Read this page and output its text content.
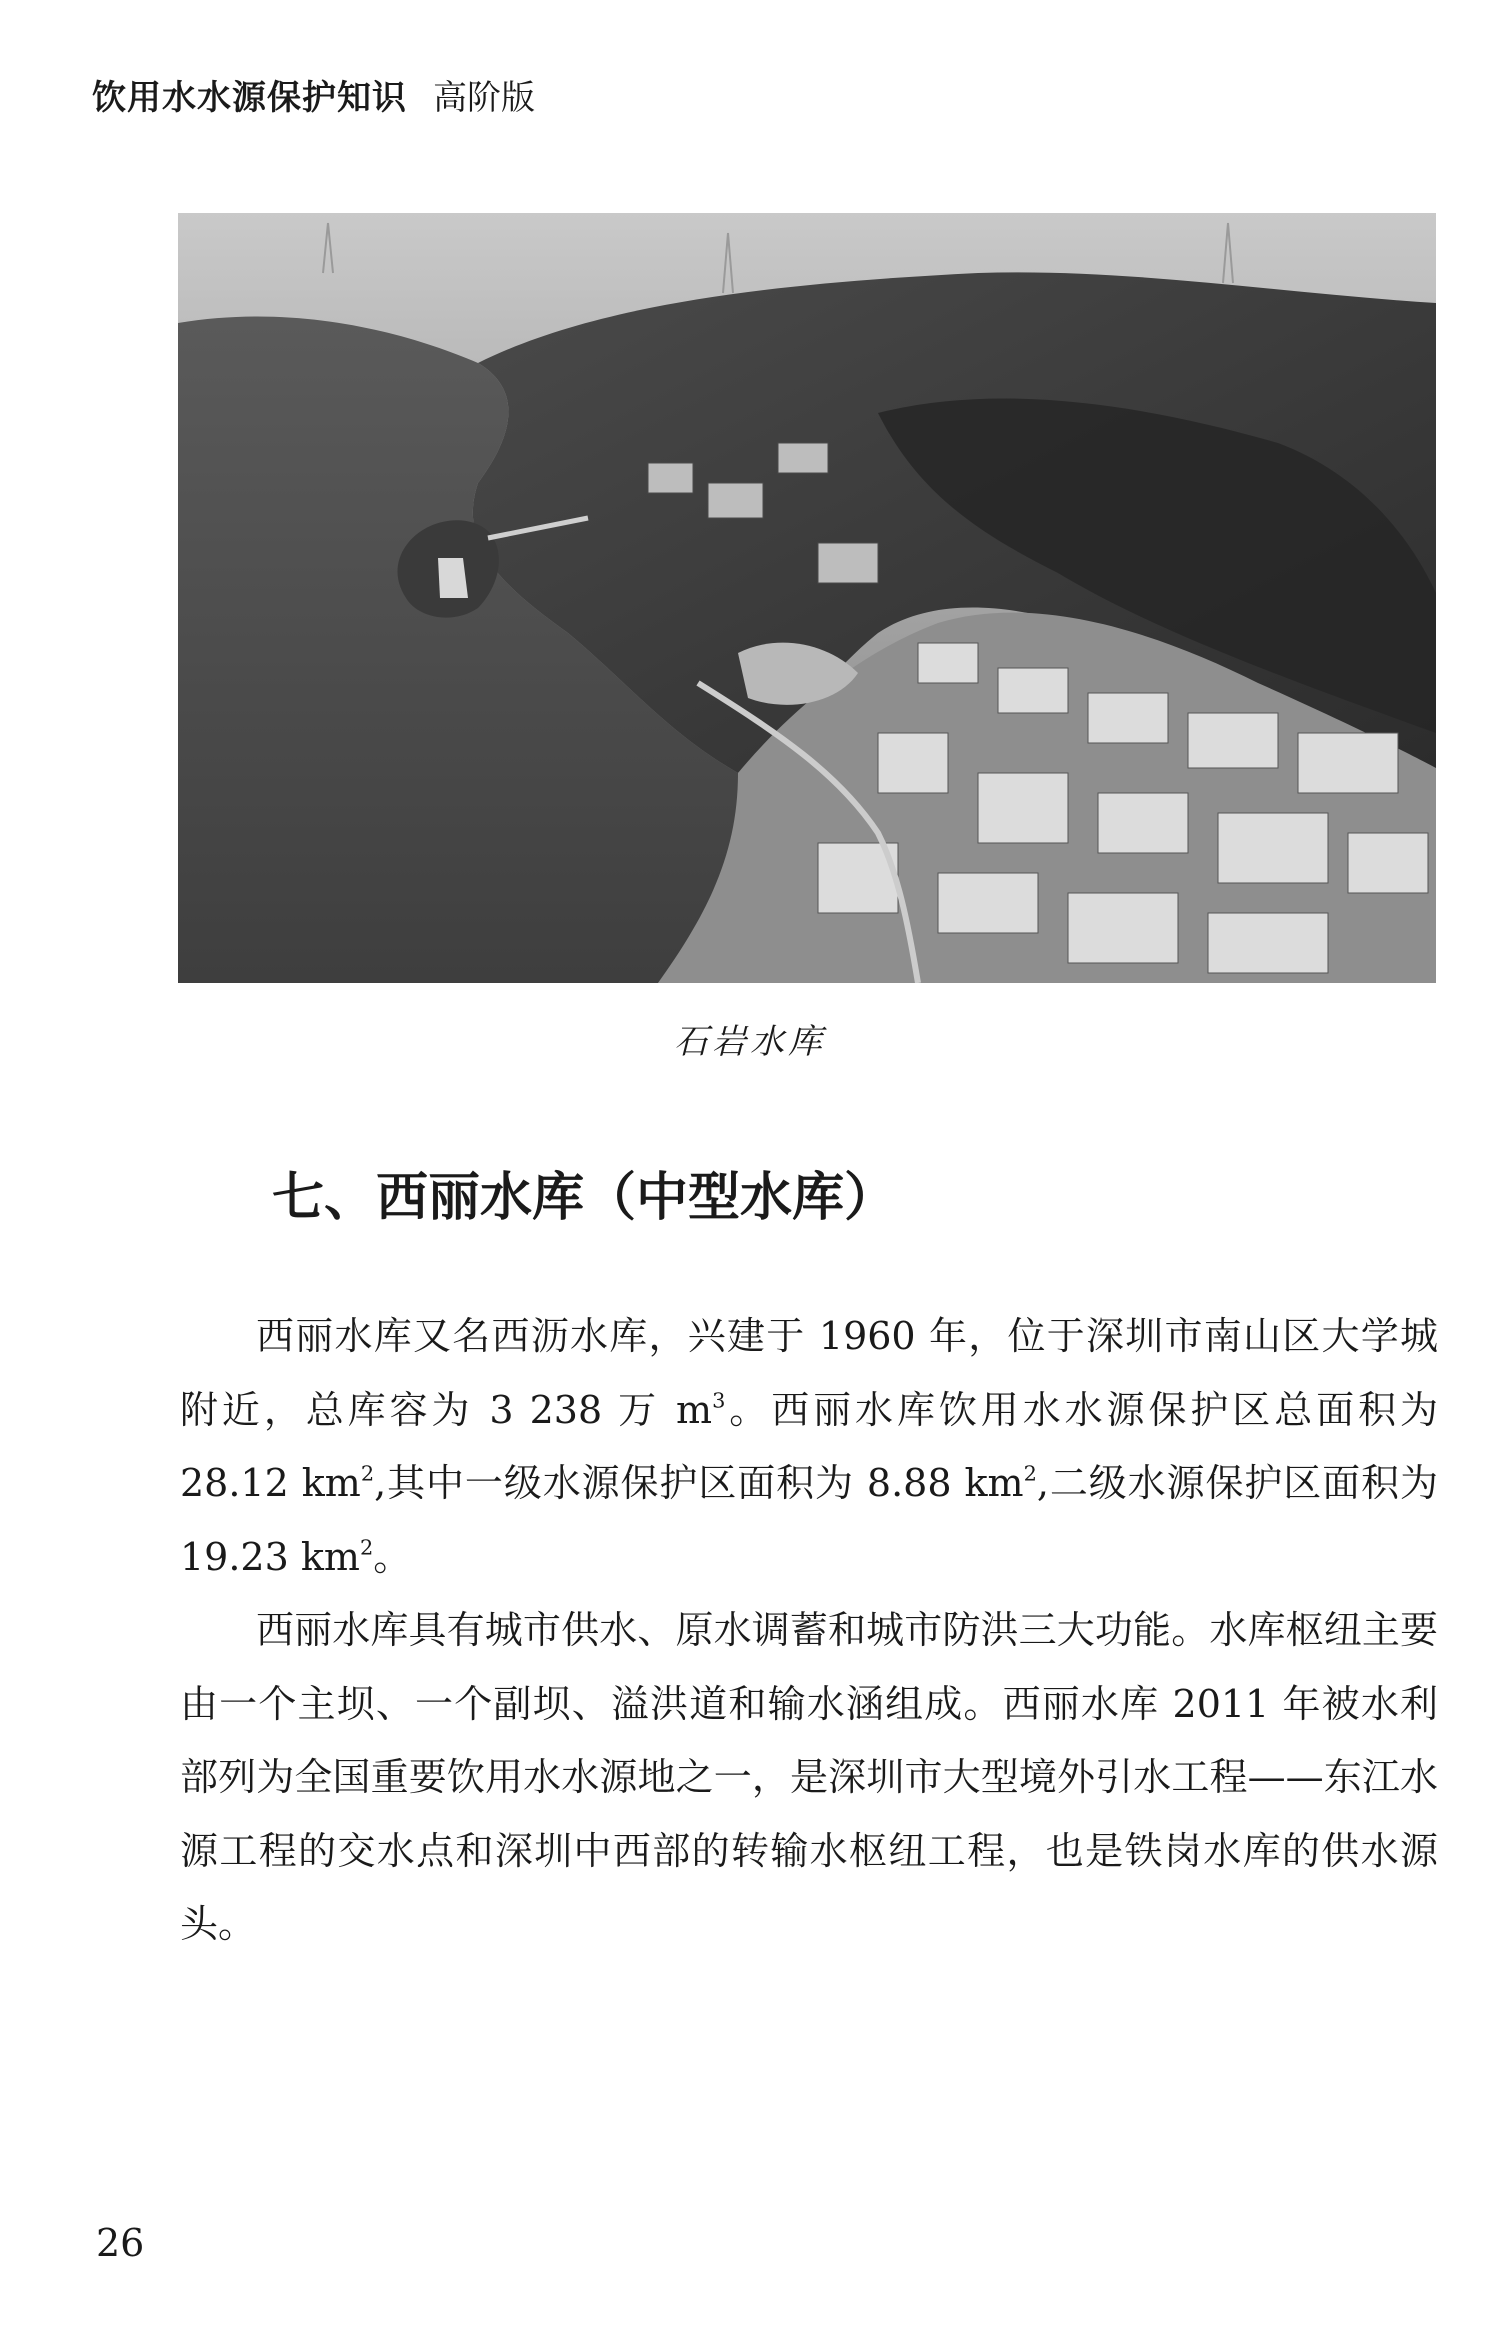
饮用水水源保护知识 高阶版
石岩水库
七、西丽水库（中型水库）

西丽水库又名西沥水库，兴建于 1960 年，位于深圳市南山区大学城附近，总库容为 3 238 万 $m^3$。西丽水库饮用水水源保护区总面积为 28.12 $km^2$,其中一级水源保护区面积为 8.88 $km^2$,二级水源保护区面积为 19.23 $km^2$。

西丽水库具有城市供水、原水调蓄和城市防洪三大功能。水库枢纽主要由一个主坝、一个副坝、溢洪道和输水涵组成。西丽水库 2011 年被水利部列为全国重要饮用水水源地之一，是深圳市大型境外引水工程——东江水源工程的交水点和深圳中西部的转输水枢纽工程，也是铁岗水库的供水源头。

26
